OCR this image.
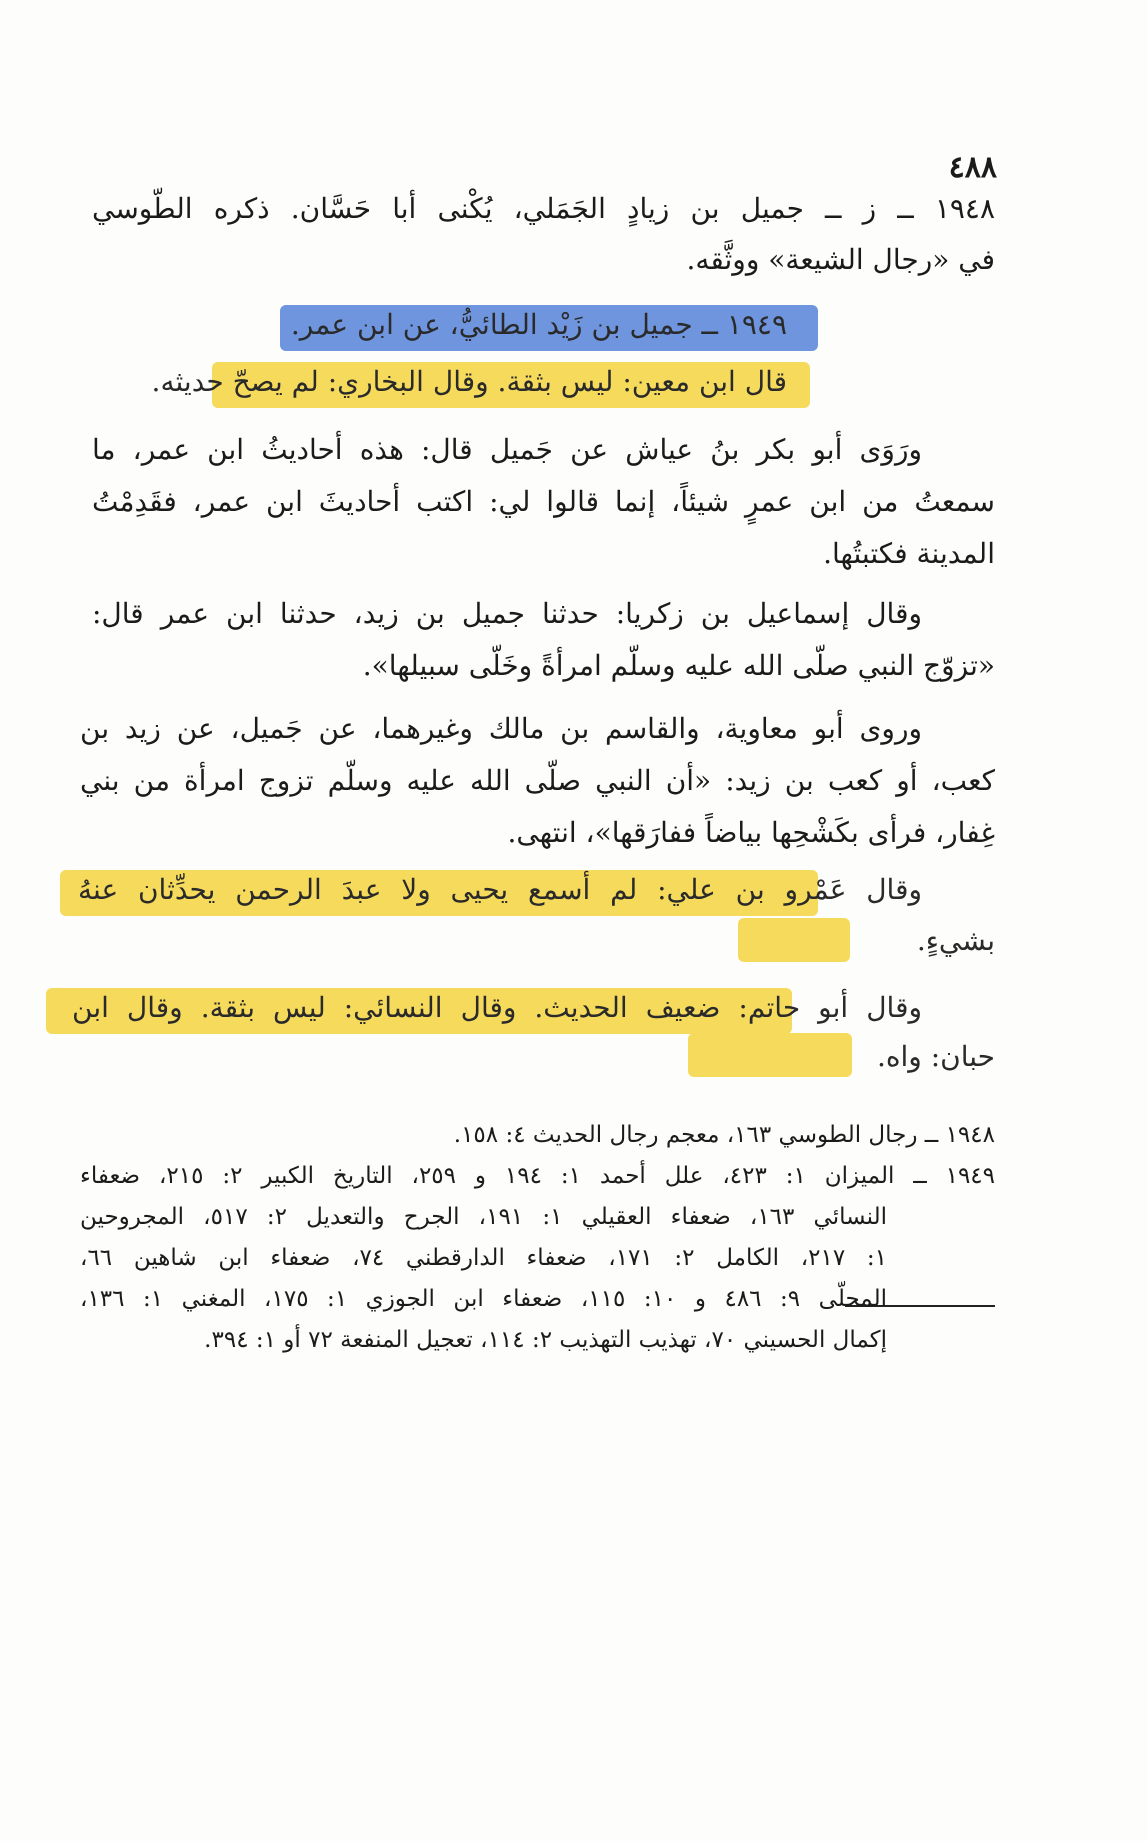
٤٨٨
١٩٤٨ ــ ز ــ جميل بن زيادٍ الجَمَلي، يُكْنى أبا حَسَّان. ذكره الطّوسي
في «رجال الشيعة» ووثَّقه.
١٩٤٩ ــ جميل بن زَيْد الطائيُّ، عن ابن عمر.
قال ابن معين: ليس بثقة. وقال البخاري: لم يصحّ حديثه.
ورَوَى أبو بكر بنُ عياش عن جَميل قال: هذه أحاديثُ ابن عمر، ما
سمعتُ من ابن عمرٍ شيئاً، إنما قالوا لي: اكتب أحاديثَ ابن عمر، فقَدِمْتُ
المدينة فكتبتُها.
وقال إسماعيل بن زكريا: حدثنا جميل بن زيد، حدثنا ابن عمر قال:
«تزوّج النبي صلّى الله عليه وسلّم امرأةً وخَلّى سبيلها».
وروى أبو معاوية، والقاسم بن مالك وغيرهما، عن جَميل، عن زيد بن
كعب، أو كعب بن زيد: «أن النبي صلّى الله عليه وسلّم تزوج امرأة من بني
غِفار، فرأى بكَشْحِها بياضاً ففارَقها»، انتهى.
وقال عَمْرو بن علي: لم أسمع يحيى ولا عبدَ الرحمن يحدِّثان عنهُ
بشيءٍ.
وقال أبو حاتم: ضعيف الحديث. وقال النسائي: ليس بثقة. وقال ابن
حبان: واه.
١٩٤٨ ــ رجال الطوسي ١٦٣، معجم رجال الحديث ٤: ١٥٨.
١٩٤٩ ــ الميزان ١: ٤٢٣، علل أحمد ١: ١٩٤ و ٢٥٩، التاريخ الكبير ٢: ٢١٥، ضعفاء
النسائي ١٦٣، ضعفاء العقيلي ١: ١٩١، الجرح والتعديل ٢: ٥١٧، المجروحين
١: ٢١٧، الكامل ٢: ١٧١، ضعفاء الدارقطني ٧٤، ضعفاء ابن شاهين ٦٦،
المحلّى ٩: ٤٨٦ و ١٠: ١١٥، ضعفاء ابن الجوزي ١: ١٧٥، المغني ١: ١٣٦،
إكمال الحسيني ٧٠، تهذيب التهذيب ٢: ١١٤، تعجيل المنفعة ٧٢ أو ١: ٣٩٤.
